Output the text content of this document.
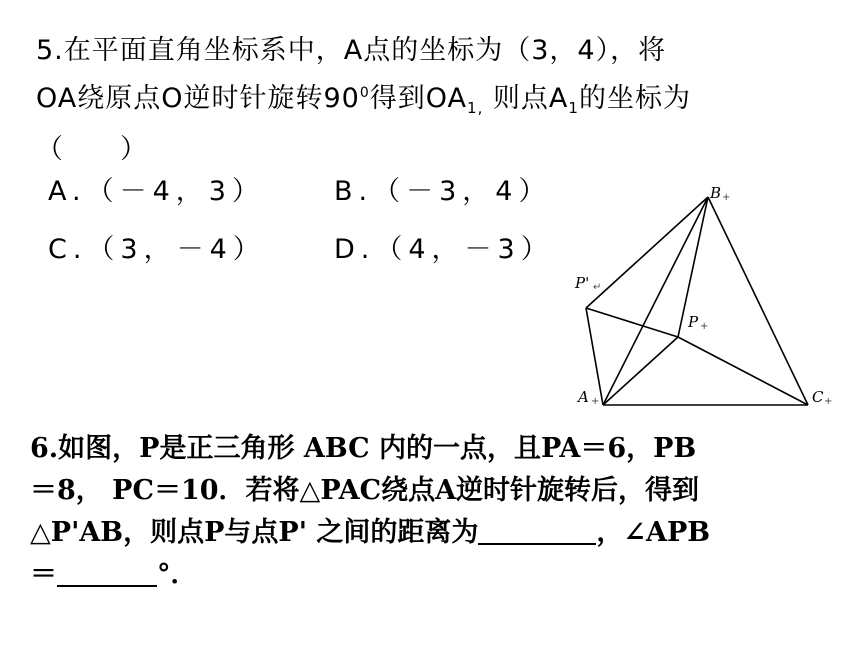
5.在平面直角坐标系中，A点的坐标为（3，4），将
OA绕原点O逆时针旋转$90^0$得到$OA_{1,}$ 则点$A_1$的坐标为
（　　）
A.（－4，3）	B.（－3，4）
C.（3，－4）	D.（4，－3）
B +
P' ↵
P +
A +	C +
6.如图，P是正三角形 ABC 内的一点，且PA＝6，PB
＝8， PC＝10．若将△PAC绕点A逆时针旋转后，得到
△P'AB，则点P与点P' 之间的距离为	，∠APB
＝	°．
